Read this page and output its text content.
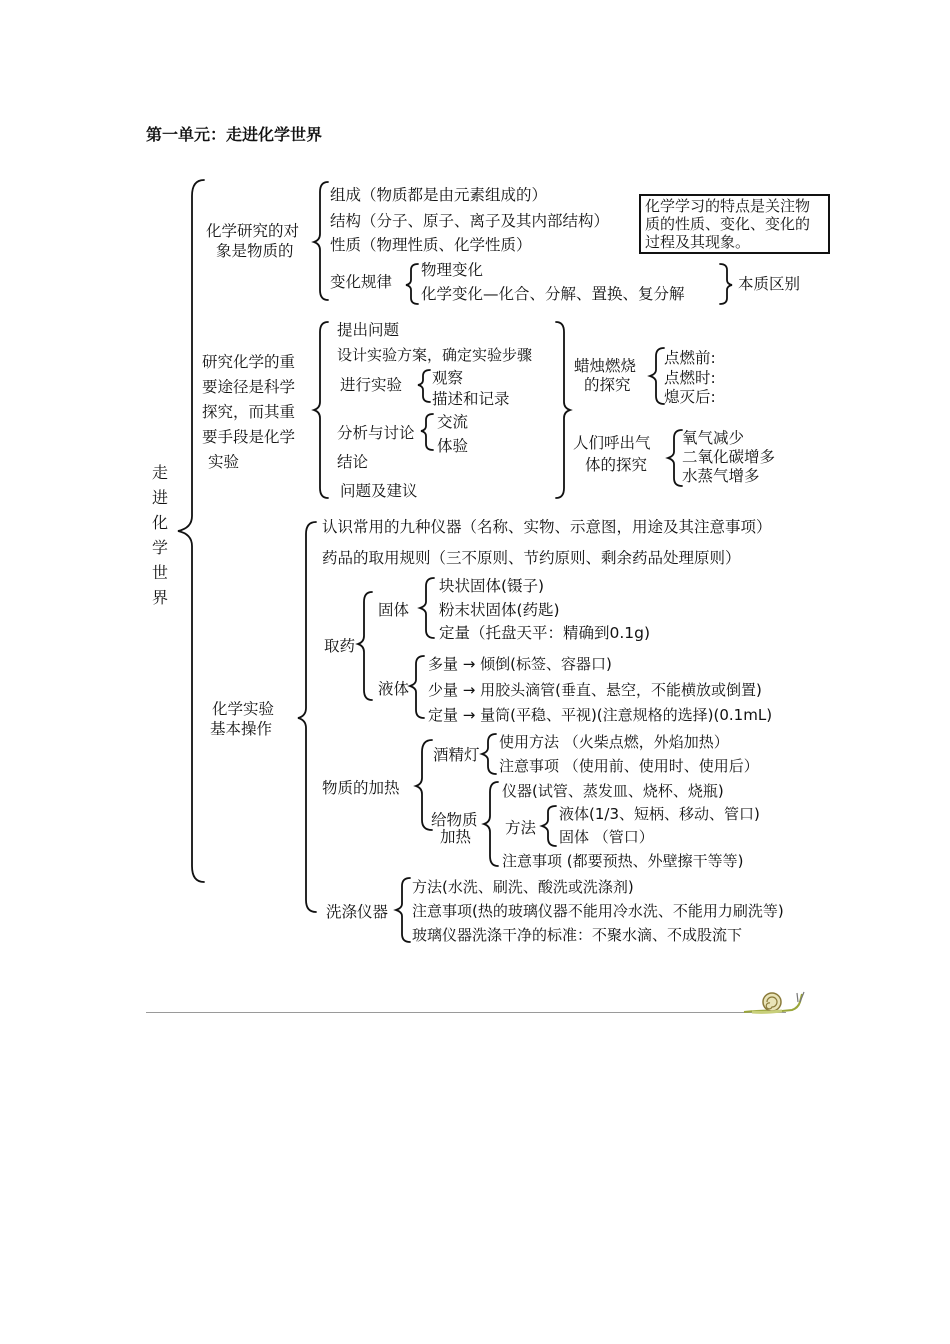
第一单元：走进化学世界
走
进
化
学
世
界
化学研究的对
象是物质的
组成（物质都是由元素组成的）
结构（分子、原子、离子及其内部结构）
性质（物理性质、化学性质）
变化规律
物理变化
化学变化—化合、分解、置换、复分解
本质区别
化学学习的特点是关注物质的性质、变化、变化的过程及其现象。
研究化学的重
要途径是科学
探究，而其重
要手段是化学
实验
提出问题
设计实验方案，确定实验步骤
进行实验 观察
描述和记录
分析与讨论
交流
体验
结论
问题及建议
蜡烛燃烧
的探究
点燃前:
点燃时:
熄灭后:
人们呼出气
体的探究
氧气减少
二氧化碳增多
水蒸气增多
化学实验
基本操作
认识常用的九种仪器（名称、实物、示意图，用途及其注意事项）
药品的取用规则（三不原则、节约原则、剩余药品处理原则）
取药
固体
块状固体(镊子)
粉末状固体(药匙)
定量（托盘天平：精确到0.1g)
液体
多量 → 倾倒(标签、容器口)
少量 → 用胶头滴管(垂直、悬空，不能横放或倒置)
定量 → 量筒(平稳、平视)(注意规格的选择)(0.1mL)
物质的加热
酒精灯
使用方法 （火柴点燃，外焰加热）
注意事项 （使用前、使用时、使用后）
给物质
加热
仪器(试管、蒸发皿、烧杯、烧瓶)
方法
液体(1/3、短柄、移动、管口)
固体 （管口）
注意事项 (都要预热、外壁擦干等等)
洗涤仪器
方法(水洗、刷洗、酸洗或洗涤剂)
注意事项(热的玻璃仪器不能用冷水洗、不能用力刷洗等)
玻璃仪器洗涤干净的标准：不聚水滴、不成股流下
